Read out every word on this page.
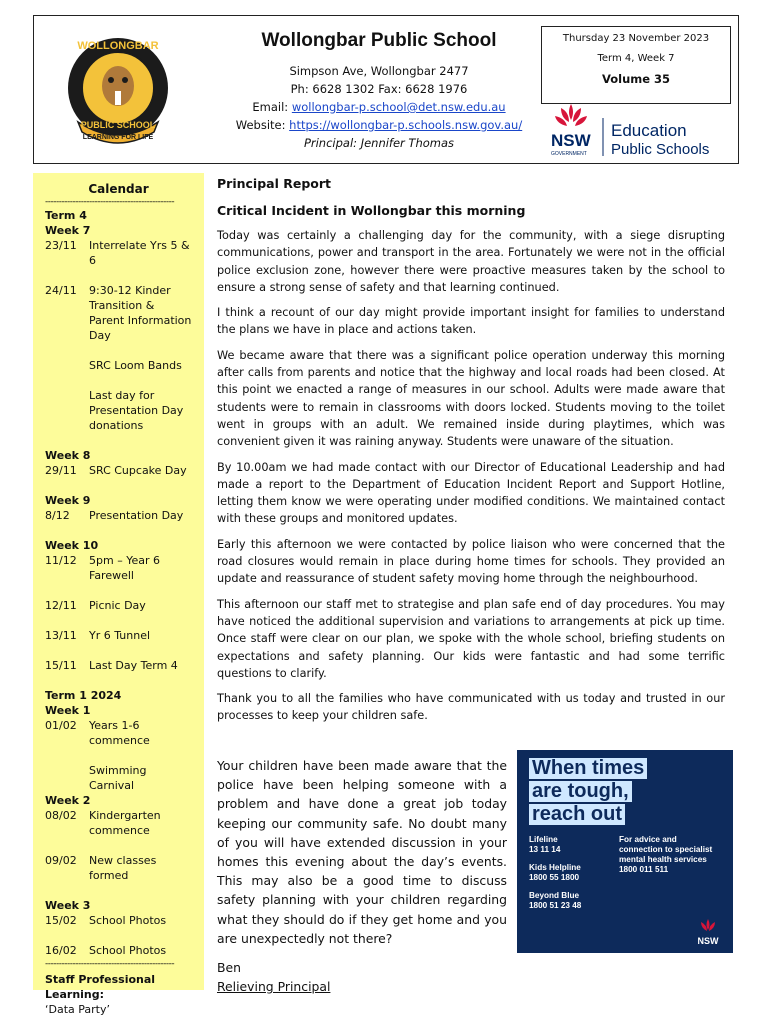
WOLLONGBAR
PUBLIC SCHOOL
LEARNING FOR LIFE
Wollongbar Public School
Simpson Ave, Wollongbar 2477
Ph: 6628 1302 Fax: 6628 1976
Email: wollongbar-p.school@det.nsw.edu.au
Website: https://wollongbar-p.schools.nsw.gov.au/
Principal: Jennifer Thomas
Thursday 23 November 2023
Term 4, Week 7
Volume 35
NSW
GOVERNMENT
Education
Public Schools
Calendar
-----------------------------------------------
Term 4
Week 7
23/11	Interrelate Yrs 5 & 6
24/11	9:30-12 Kinder Transition & Parent Information Day
SRC Loom Bands
Last day for Presentation Day donations
Week 8
29/11	SRC Cupcake Day
Week 9
8/12	Presentation Day
Week 10
11/12	5pm – Year 6 Farewell
12/11	Picnic Day
13/11	Yr 6 Tunnel
15/11	Last Day Term 4
Term 1 2024
Week 1
01/02	Years 1-6 commence
Swimming Carnival
Week 2
08/02	Kindergarten commence
09/02	New classes formed
Week 3
15/02	School Photos
16/02	School Photos
-----------------------------------------------
Staff Professional Learning:
‘Data Party’
Principal Report
Critical Incident in Wollongbar this morning

Today was certainly a challenging day for the community, with a siege disrupting communications, power and transport in the area. Fortunately we were not in the official police exclusion zone, however there were proactive measures taken by the school to ensure a strong sense of safety and that learning continued.

I think a recount of our day might provide important insight for families to understand the plans we have in place and actions taken.

We became aware that there was a significant police operation underway this morning after calls from parents and notice that the highway and local roads had been closed. At this point we enacted a range of measures in our school. Adults were made aware that students were to remain in classrooms with doors locked. Students moving to the toilet went in groups with an adult. We remained inside during playtimes, which was convenient given it was raining anyway. Students were unaware of the situation.

By 10.00am we had made contact with our Director of Educational Leadership and had made a report to the Department of Education Incident Report and Support Hotline, letting them know we were operating under modified conditions. We maintained contact with these groups and monitored updates.

Early this afternoon we were contacted by police liaison who were concerned that the road closures would remain in place during home times for schools. They provided an update and reassurance of student safety moving home through the neighbourhood.

This afternoon our staff met to strategise and plan safe end of day procedures. You may have noticed the additional supervision and variations to arrangements at pick up time. Once staff were clear on our plan, we spoke with the whole school, briefing students on expectations and safety planning. Our kids were fantastic and had some terrific questions to clarify.

Thank you to all the families who have communicated with us today and trusted in our processes to keep your children safe.

Your children have been made aware that the police have been helping someone with a problem and have done a great job today keeping our community safe. No doubt many of you will have extended discussion in your homes this evening about the day’s events. This may also be a good time to discuss safety planning with your children regarding what they should do if they get home and you are unexpectedly not there?

When times
are tough,
reach out
Lifeline
13 11 14
Kids Helpline
1800 55 1800
Beyond Blue
1800 51 23 48
For advice and connection to specialist mental health services
1800 011 511
NSW
Ben
Relieving Principal
